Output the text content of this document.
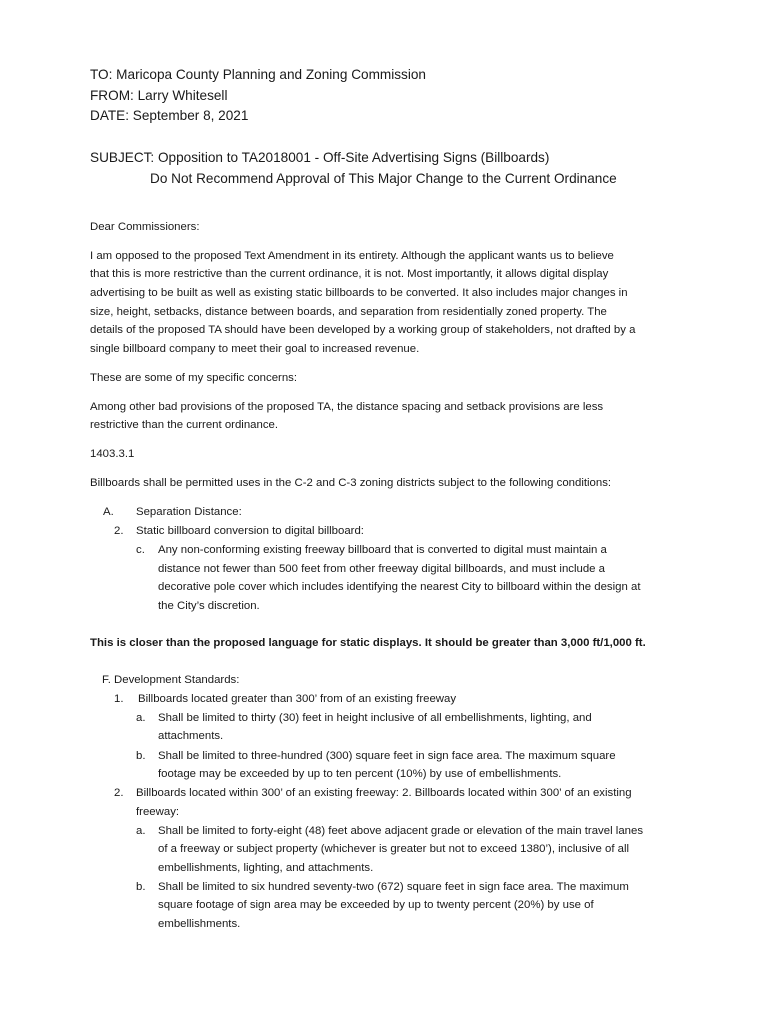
TO: Maricopa County Planning and Zoning Commission

FROM: Larry Whitesell

DATE: September 8, 2021

SUBJECT: Opposition to TA2018001 - Off-Site Advertising Signs (Billboards)

Do Not Recommend Approval of This Major Change to the Current Ordinance

Dear Commissioners:

I am opposed to the proposed Text Amendment in its entirety. Although the applicant wants us to believe

that this is more restrictive than the current ordinance, it is not. Most importantly, it allows digital display

advertising to be built as well as existing static billboards to be converted. It also includes major changes in

size, height, setbacks, distance between boards, and separation from residentially zoned property. The

details of the proposed TA should have been developed by a working group of stakeholders, not drafted by a

single billboard company to meet their goal to increased revenue.

These are some of my specific concerns:

Among other bad provisions of the proposed TA, the distance spacing and setback provisions are less

restrictive than the current ordinance.

1403.3.1

Billboards shall be permitted uses in the C-2 and C-3 zoning districts subject to the following conditions:

A. Separation Distance:

2. Static billboard conversion to digital billboard:

c. Any non-conforming existing freeway billboard that is converted to digital must maintain a

distance not fewer than 500 feet from other freeway digital billboards, and must include a

decorative pole cover which includes identifying the nearest City to billboard within the design at

the City’s discretion.

This is closer than the proposed language for static displays. It should be greater than 3,000 ft/1,000 ft.

F. Development Standards:

1. Billboards located greater than 300’ from of an existing freeway

a. Shall be limited to thirty (30) feet in height inclusive of all embellishments, lighting, and

attachments.

b. Shall be limited to three-hundred (300) square feet in sign face area. The maximum square

footage may be exceeded by up to ten percent (10%) by use of embellishments.

2. Billboards located within 300’ of an existing freeway: 2. Billboards located within 300’ of an existing

freeway:

a. Shall be limited to forty-eight (48) feet above adjacent grade or elevation of the main travel lanes

of a freeway or subject property (whichever is greater but not to exceed 1380’), inclusive of all

embellishments, lighting, and attachments.

b. Shall be limited to six hundred seventy-two (672) square feet in sign face area. The maximum

square footage of sign area may be exceeded by up to twenty percent (20%) by use of

embellishments.
